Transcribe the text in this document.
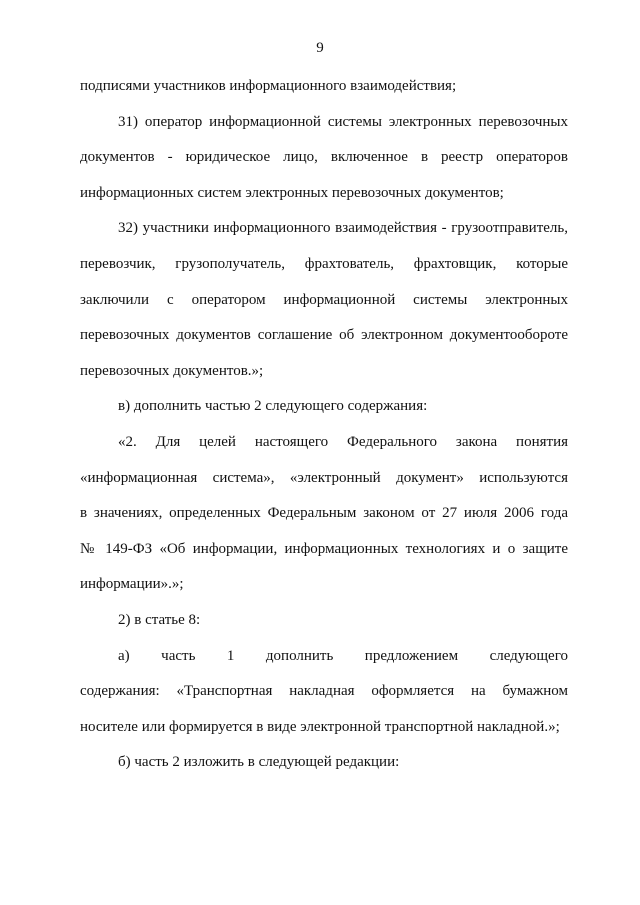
9
подписями участников информационного взаимодействия;
31) оператор информационной системы электронных перевозочных
документов - юридическое лицо, включенное в реестр операторов
информационных систем электронных перевозочных документов;
32) участники информационного взаимодействия - грузоотправитель,
перевозчик, грузополучатель, фрахтователь, фрахтовщик, которые
заключили с оператором информационной системы электронных
перевозочных документов соглашение об электронном документообороте
перевозочных документов.»;
в) дополнить частью 2 следующего содержания:
«2. Для целей настоящего Федерального закона понятия
«информационная система», «электронный документ» используются
в значениях, определенных Федеральным законом от 27 июля 2006 года
№ 149-ФЗ «Об информации, информационных технологиях и о защите
информации».»;
2) в статье 8:
а) часть 1 дополнить предложением следующего
содержания: «Транспортная накладная оформляется на бумажном
носителе или формируется в виде электронной транспортной накладной.»;
б) часть 2 изложить в следующей редакции:
